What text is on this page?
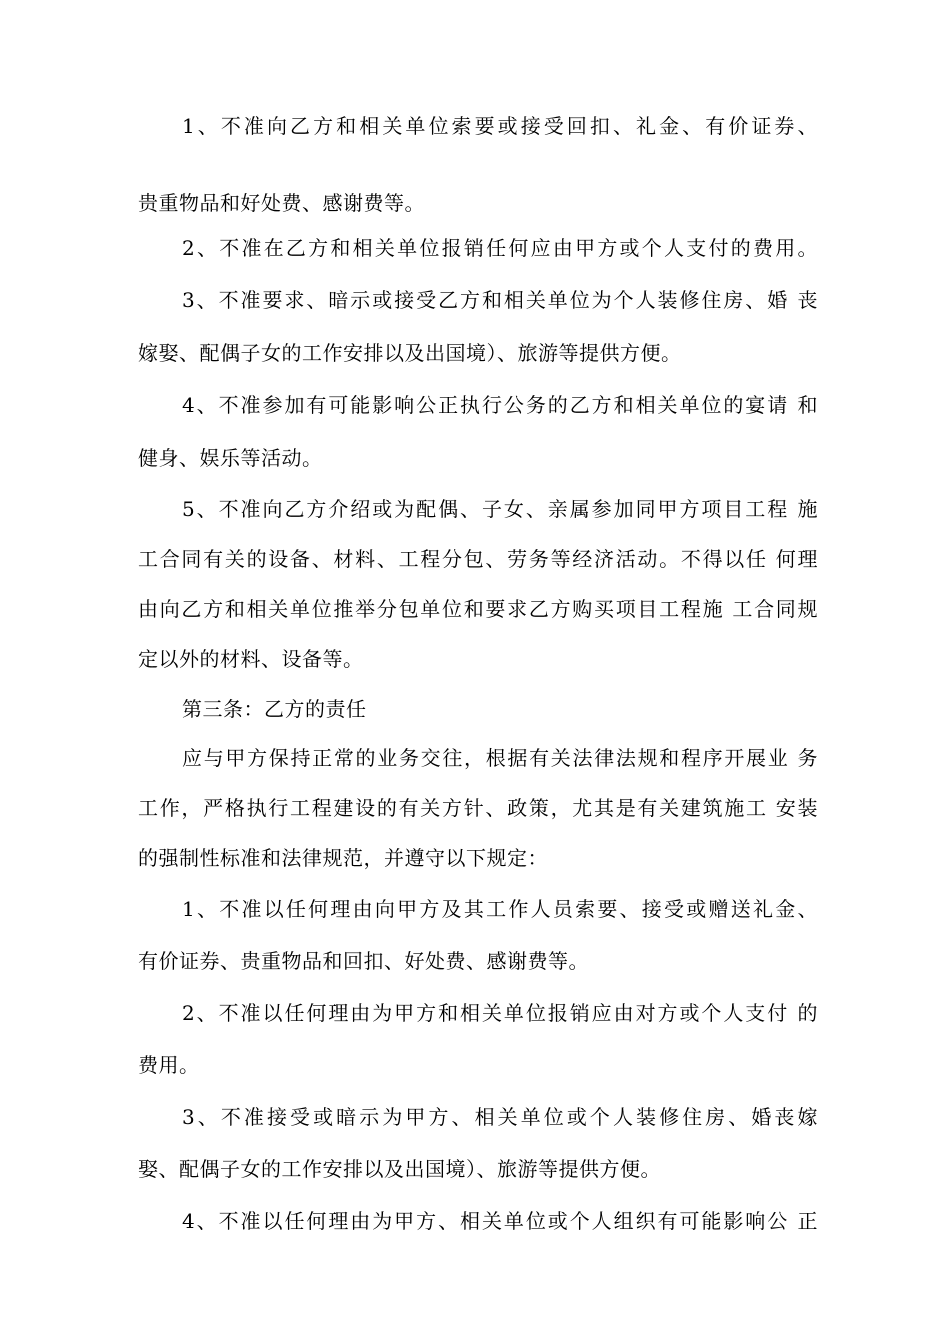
1、不准向乙方和相关单位索要或接受回扣、礼金、有价证券、
贵重物品和好处费、感谢费等。
2、不准在乙方和相关单位报销任何应由甲方或个人支付的费用。
3、不准要求、暗示或接受乙方和相关单位为个人装修住房、婚 丧
嫁娶、配偶子女的工作安排以及出国境）、旅游等提供方便。
4、不准参加有可能影响公正执行公务的乙方和相关单位的宴请 和
健身、娱乐等活动。
5、不准向乙方介绍或为配偶、子女、亲属参加同甲方项目工程 施
工合同有关的设备、材料、工程分包、劳务等经济活动。不得以任 何理
由向乙方和相关单位推举分包单位和要求乙方购买项目工程施 工合同规
定以外的材料、设备等。
第三条：乙方的责任
应与甲方保持正常的业务交往，根据有关法律法规和程序开展业 务
工作，严格执行工程建设的有关方针、政策，尤其是有关建筑施工 安装
的强制性标准和法律规范，并遵守以下规定：
1、不准以任何理由向甲方及其工作人员索要、接受或赠送礼金、
有价证券、贵重物品和回扣、好处费、感谢费等。
2、不准以任何理由为甲方和相关单位报销应由对方或个人支付 的
费用。
3、不准接受或暗示为甲方、相关单位或个人装修住房、婚丧嫁
娶、配偶子女的工作安排以及出国境）、旅游等提供方便。
4、不准以任何理由为甲方、相关单位或个人组织有可能影响公 正
